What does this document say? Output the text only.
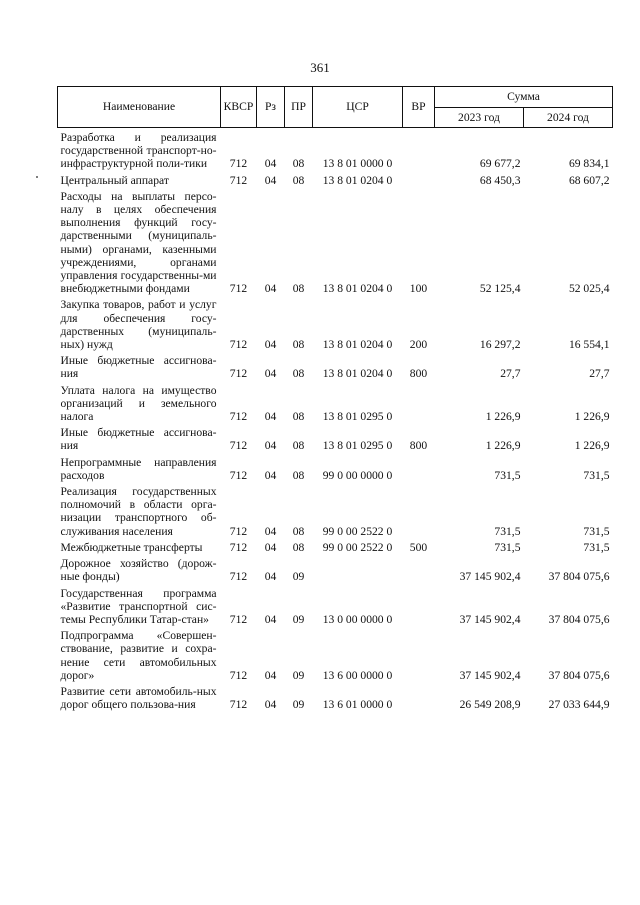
361
Наименование	КВСР	Рз	ПР	ЦСР	ВР	Сумма	
						2023 год	2024 год
Разработка и реализация государственной транспорт-но-инфраструктурной поли-тики	712	04	08	13 8 01 0000 0		69 677,2	69 834,1
Центральный аппарат	712	04	08	13 8 01 0204 0		68 450,3	68 607,2
Расходы на выплаты персо-налу в целях обеспечения выполнения функций госу-дарственными (муниципаль-ными) органами, казенными учреждениями, органами управления государственны-ми внебюджетными фондами	712	04	08	13 8 01 0204 0	100	52 125,4	52 025,4
Закупка товаров, работ и услуг для обеспечения госу-дарственных (муниципаль-ных) нужд	712	04	08	13 8 01 0204 0	200	16 297,2	16 554,1
Иные бюджетные ассигнова-ния	712	04	08	13 8 01 0204 0	800	27,7	27,7
Уплата налога на имущество организаций и земельного налога	712	04	08	13 8 01 0295 0		1 226,9	1 226,9
Иные бюджетные ассигнова-ния	712	04	08	13 8 01 0295 0	800	1 226,9	1 226,9
Непрограммные направления расходов	712	04	08	99 0 00 0000 0		731,5	731,5
Реализация государственных полномочий в области орга-низации транспортного об-служивания населения	712	04	08	99 0 00 2522 0		731,5	731,5
Межбюджетные трансферты	712	04	08	99 0 00 2522 0	500	731,5	731,5
Дорожное хозяйство (дорож-ные фонды)	712	04	09			37 145 902,4	37 804 075,6
Государственная программа «Развитие транспортной сис-темы Республики Татар-стан»	712	04	09	13 0 00 0000 0		37 145 902,4	37 804 075,6
Подпрограмма «Совершен-ствование, развитие и сохра-нение сети автомобильных дорог»	712	04	09	13 6 00 0000 0		37 145 902,4	37 804 075,6
Развитие сети автомобиль-ных дорог общего пользова-ния	712	04	09	13 6 01 0000 0		26 549 208,9	27 033 644,9
